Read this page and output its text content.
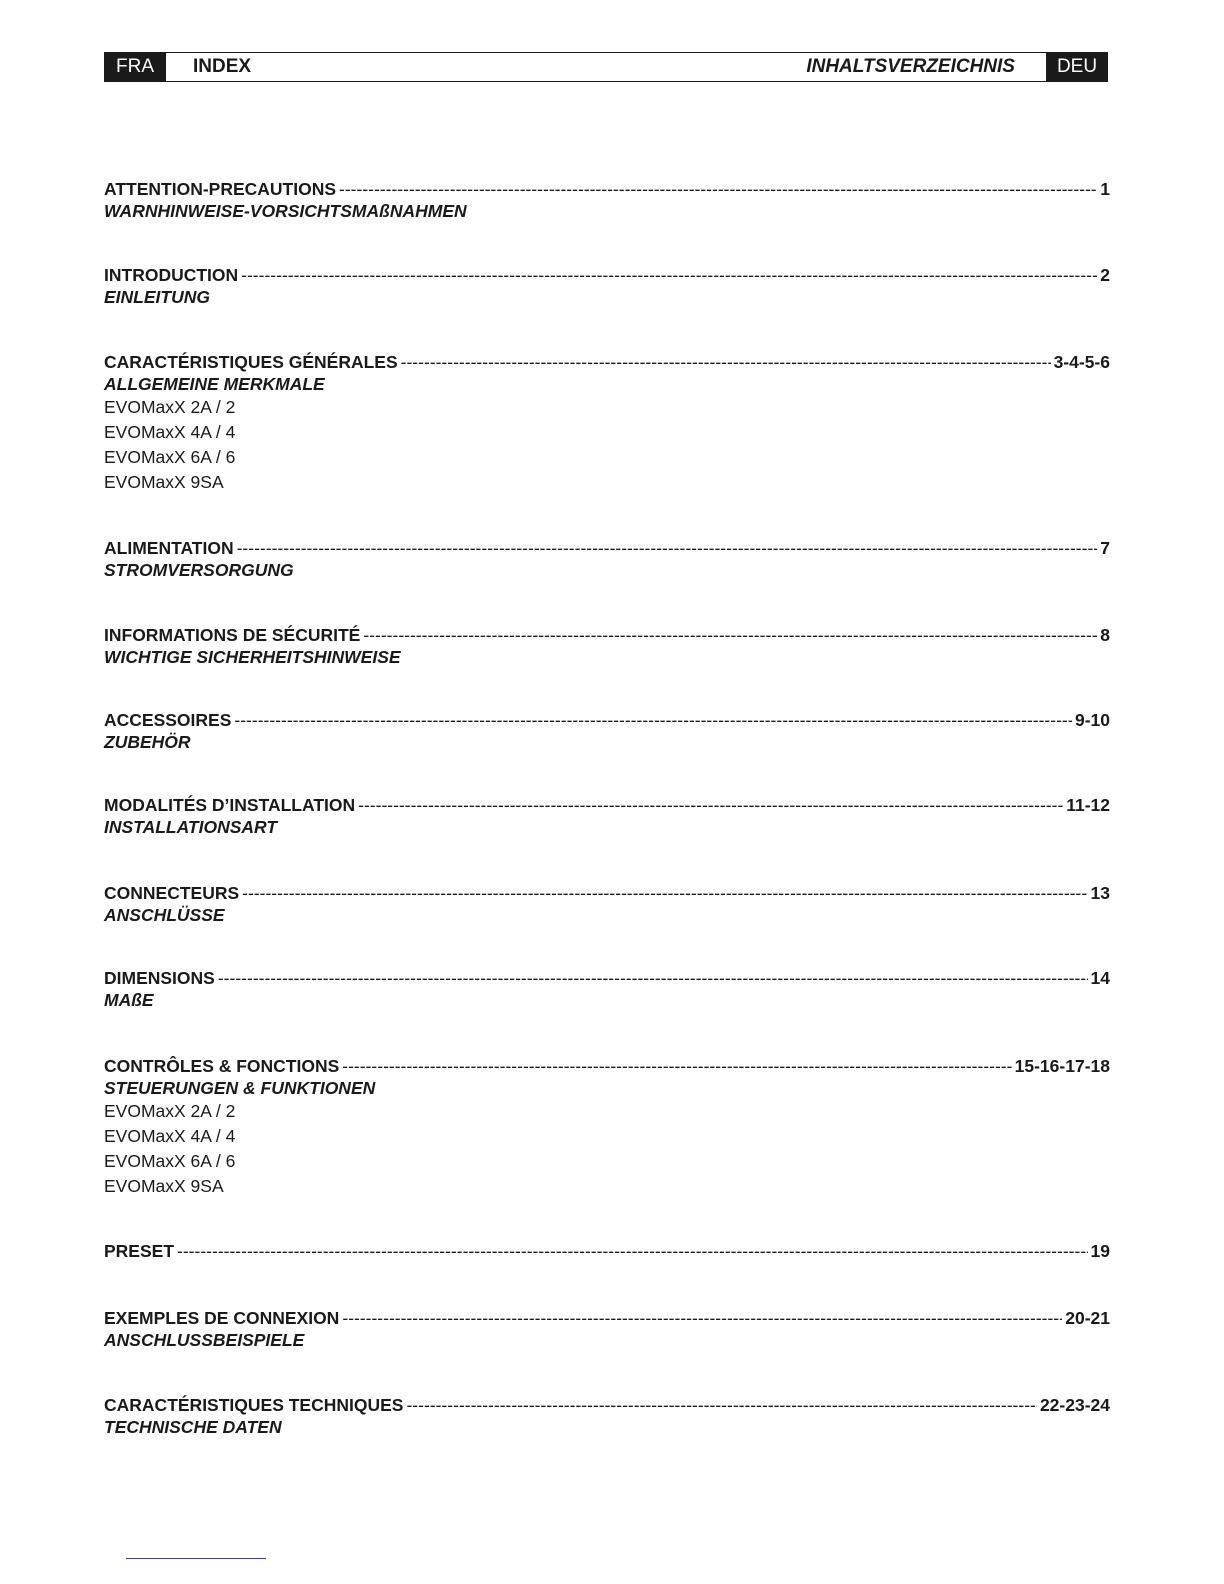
FRA	INDEX	INHALTSVERZEICHNIS	DEU
ATTENTION-PRECAUTIONS -----	1
WARNHINWEISE-VORSICHTSMAßNAHMEN
INTRODUCTION -----	2
EINLEITUNG
CARACTÉRISTIQUES GÉNÉRALES -----	3-4-5-6
ALLGEMEINE MERKMALE
EVOMaxX 2A / 2
EVOMaxX 4A / 4
EVOMaxX 6A / 6
EVOMaxX 9SA
ALIMENTATION -----	7
STROMVERSORGUNG
INFORMATIONS DE SÉCURITÉ -----	8
WICHTIGE SICHERHEITSHINWEISE
ACCESSOIRES -----	9-10
ZUBEHÖR
MODALITÉS D’INSTALLATION -----	11-12
INSTALLATIONSART
CONNECTEURS -----	13
ANSCHLÜSSE
DIMENSIONS -----	14
MAßE
CONTRÔLES & FONCTIONS -----	15-16-17-18
STEUERUNGEN & FUNKTIONEN
EVOMaxX 2A / 2
EVOMaxX 4A / 4
EVOMaxX 6A / 6
EVOMaxX 9SA
PRESET -----	19
EXEMPLES DE CONNEXION -----	20-21
ANSCHLUSSBEISPIELE
CARACTÉRISTIQUES TECHNIQUES -----	22-23-24
TECHNISCHE DATEN
